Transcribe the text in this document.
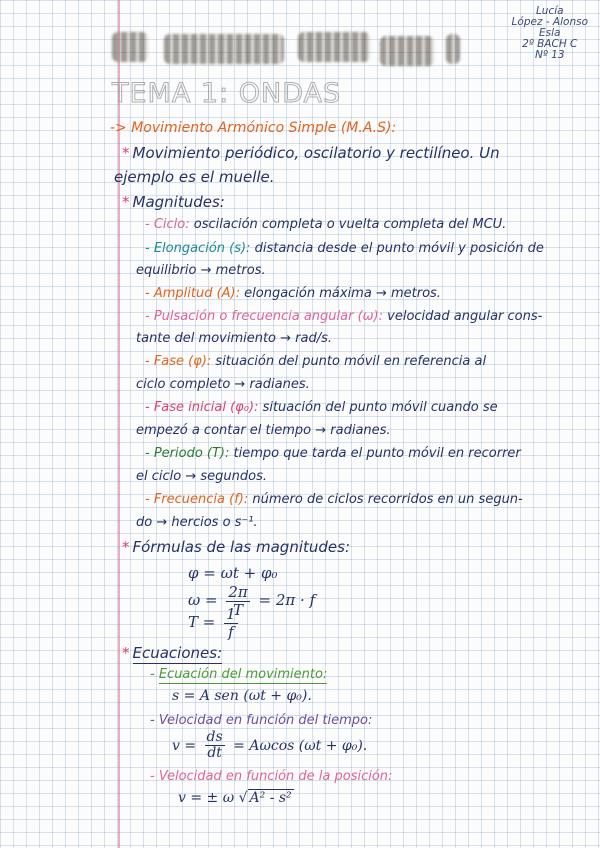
Lucía
López - Alonso
Esla
2º BACH C
Nº 13
TEMA 1: ONDAS
-> Movimiento Armónico Simple (M.A.S):
* Movimiento periódico, oscilatorio y rectilíneo. Un
ejemplo es el muelle.
* Magnitudes:
- Ciclo: oscilación completa o vuelta completa del MCU.
- Elongación (s): distancia desde el punto móvil y posición de
equilibrio → metros.
- Amplitud (A): elongación máxima → metros.
- Pulsación o frecuencia angular (ω): velocidad angular cons-
tante del movimiento → rad/s.
- Fase (φ): situación del punto móvil en referencia al
ciclo completo → radianes.
- Fase inicial (φ₀): situación del punto móvil cuando se
empezó a contar el tiempo → radianes.
- Periodo (T): tiempo que tarda el punto móvil en recorrer
el ciclo → segundos.
- Frecuencia (f): número de ciclos recorridos en un segun-
do → hercios o s⁻¹.
* Fórmulas de las magnitudes:
φ = ωt + φ₀
$\omega = \frac{2\pi}{T} = 2\pi \cdot f$
$T = \frac{1}{f}$
* Ecuaciones:
- Ecuación del movimiento:
s = A sen (ωt + φ₀).
- Velocidad en función del tiempo:
$v = \frac{ds}{dt} = A\omega\cos$ (ωt + φ₀).
- Velocidad en función de la posición:
v = ± ω √ A² - s²
